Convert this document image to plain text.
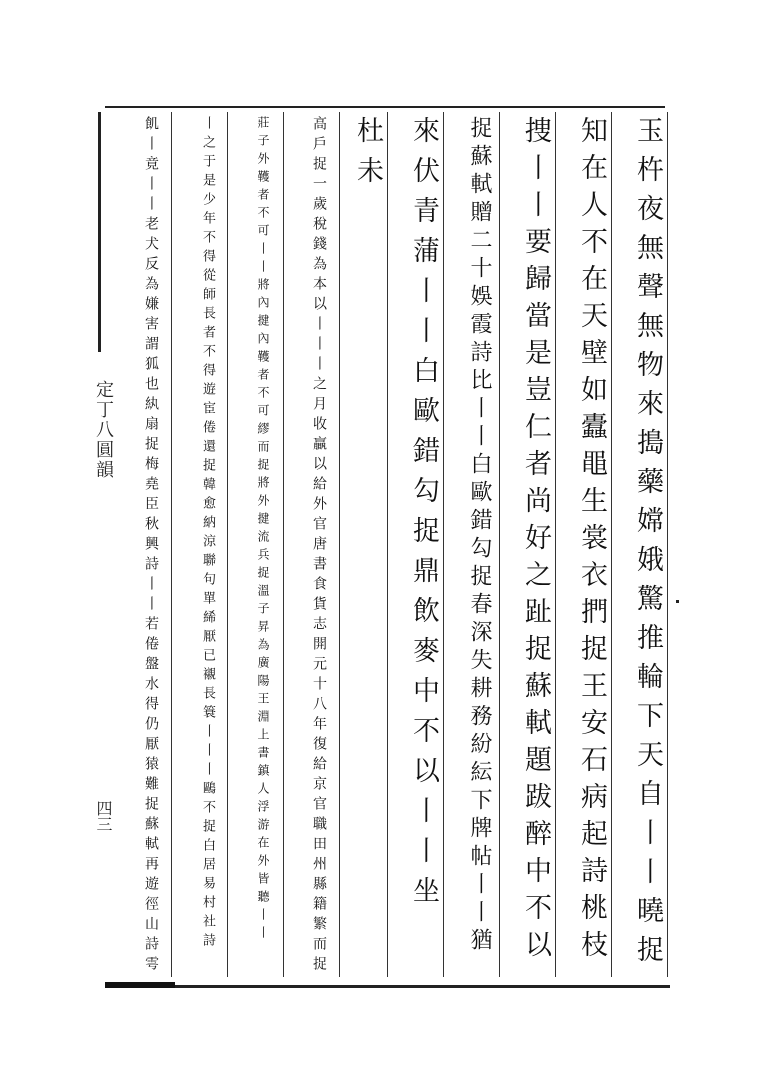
定丁八圓韻
四三	玉杵夜無聲無物來搗藥嫦娥驚推輪下天自丨丨曉捉
知在人不在天壁如蠹黽生裳衣捫捉王安石病起詩桃枝
捜丨丨要歸當是豈仁者尚好之趾捉蘇軾題跋醉中不以
捉蘇軾贈二十娛霞詩比丨丨白歐錯勾捉春深失耕務紛紜下牌帖丨丨猶
來伏青蒲丨丨白歐錯勾捉鼎飲麥中不以丨丨坐
杜未
高戶捉一歲稅錢為本以丨丨丨之月收贏以給外官唐書食貨志開元十八年復給京官職田州縣籍繁而捉
莊子外韄者不可丨丨將內揵內韄者不可繆而捉將外揵流兵捉溫子昇為廣陽王淵上書鎮人浮游在外皆聽丨丨
丨之于是少年不得從師長者不得遊宦倦還捉韓愈納涼聯句單絺厭已襯長簑丨丨丨鷗不捉白居易村社詩
飢丨竟丨丨老犬反為嫌害謂狐也紈扇捉梅堯臣秋興詩丨丨若倦盤水得仍厭猿難捉蘇軾再遊徑山詩雩
